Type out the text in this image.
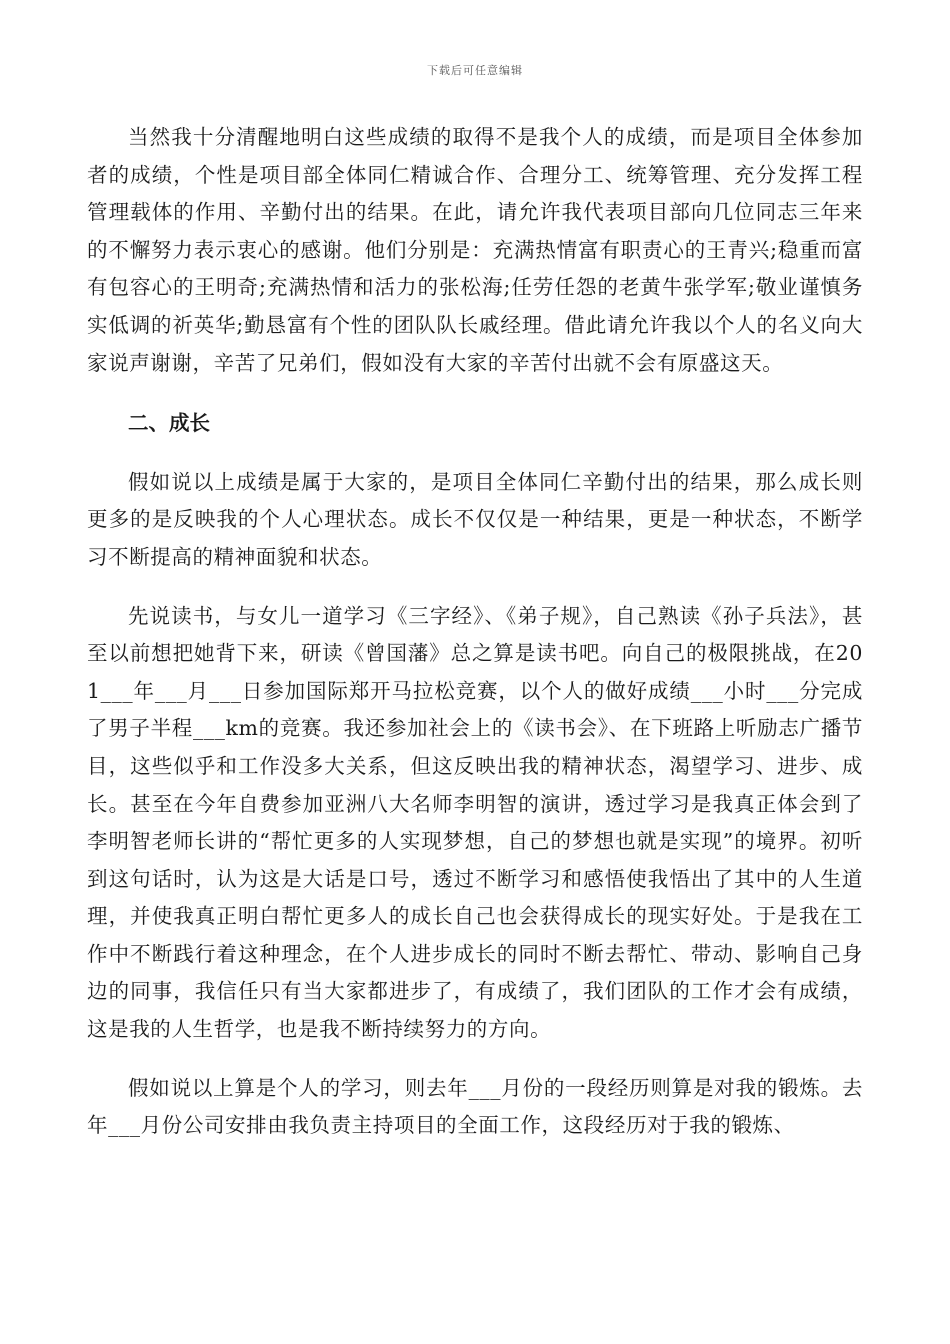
下载后可任意编辑

当然我十分清醒地明白这些成绩的取得不是我个人的成绩，而是项目全体参加者的成绩，个性是项目部全体同仁精诚合作、合理分工、统筹管理、充分发挥工程管理载体的作用、辛勤付出的结果。在此，请允许我代表项目部向几位同志三年来的不懈努力表示衷心的感谢。他们分别是：充满热情富有职责心的王青兴;稳重而富有包容心的王明奇;充满热情和活力的张松海;任劳任怨的老黄牛张学军;敬业谨慎务实低调的祈英华;勤恳富有个性的团队队长戚经理。借此请允许我以个人的名义向大家说声谢谢，辛苦了兄弟们，假如没有大家的辛苦付出就不会有原盛这天。

二、成长

假如说以上成绩是属于大家的，是项目全体同仁辛勤付出的结果，那么成长则更多的是反映我的个人心理状态。成长不仅仅是一种结果，更是一种状态，不断学习不断提高的精神面貌和状态。

先说读书，与女儿一道学习《三字经》、《弟子规》，自己熟读《孙子兵法》，甚至以前想把她背下来，研读《曾国藩》总之算是读书吧。向自己的极限挑战，在201___年___月___日参加国际郑开马拉松竞赛，以个人的做好成绩___小时___分完成了男子半程___km的竞赛。我还参加社会上的《读书会》、在下班路上听励志广播节目，这些似乎和工作没多大关系，但这反映出我的精神状态，渴望学习、进步、成长。甚至在今年自费参加亚洲八大名师李明智的演讲，透过学习是我真正体会到了李明智老师长讲的“帮忙更多的人实现梦想，自己的梦想也就是实现”的境界。初听到这句话时，认为这是大话是口号，透过不断学习和感悟使我悟出了其中的人生道理，并使我真正明白帮忙更多人的成长自己也会获得成长的现实好处。于是我在工作中不断践行着这种理念，在个人进步成长的同时不断去帮忙、带动、影响自己身边的同事，我信任只有当大家都进步了，有成绩了，我们团队的工作才会有成绩，这是我的人生哲学，也是我不断持续努力的方向。

假如说以上算是个人的学习，则去年___月份的一段经历则算是对我的锻炼。去年___月份公司安排由我负责主持项目的全面工作，这段经历对于我的锻炼、
